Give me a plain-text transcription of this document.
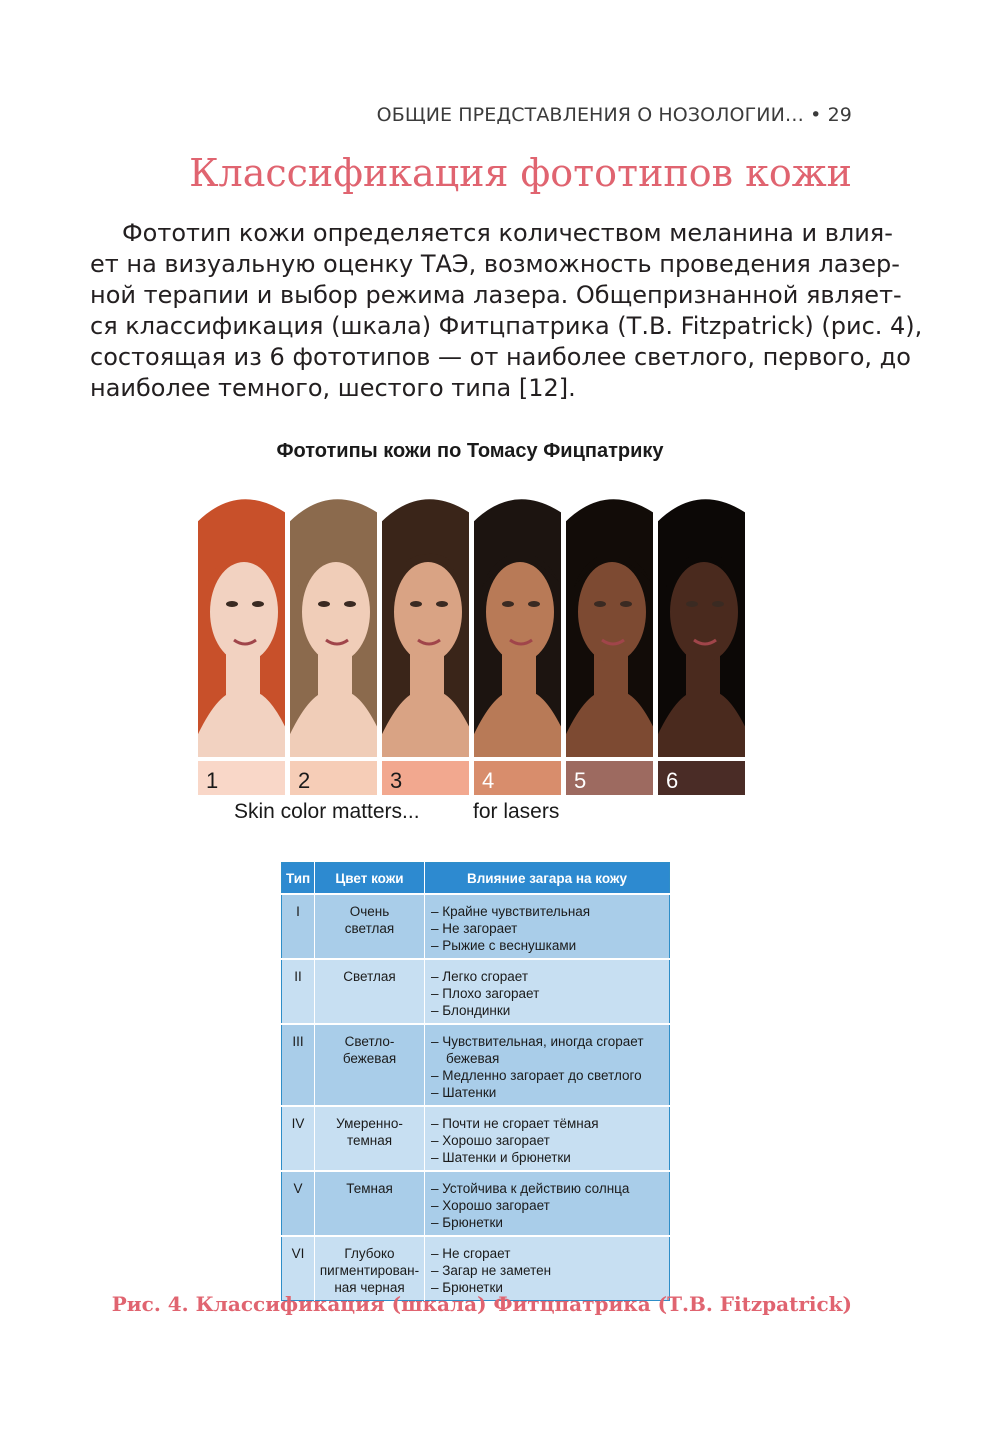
ОБЩИЕ ПРЕДСТАВЛЕНИЯ О НОЗОЛОГИИ… • 29
Классификация фототипов кожи

Фототип кожи определяется количеством меланина и влия-
ет на визуальную оценку ТАЭ, возможность проведения лазер-
ной терапии и выбор режима лазера. Общепризнанной являет-
ся классификация (шкала) Фитцпатрика (Т.В. Fitzpatrick) (рис. 4),
состоящая из 6 фототипов — от наиболее светлого, первого, до
наиболее темного, шестого типа [12].

Фототипы кожи по Томасу Фицпатрику
1	2	3	4	5	6
Skin color matters...	for lasers
Тип	Цвет кожи	Влияние загара на кожу
I	Очень
светлая	– Крайне чувствительная
– Не загорает
– Рыжие с веснушками

II	Светлая	– Легко сгорает
– Плохо загорает
– Блондинки

III	Светло-
бежевая	– Чувствительная, иногда сгорает
бежевая
– Медленно загорает до светлого
– Шатенки

IV	Умеренно-
темная	– Почти не сгорает тёмная
– Хорошо загорает
– Шатенки и брюнетки

V	Темная	– Устойчива к действию солнца
– Хорошо загорает
– Брюнетки

VI	Глубоко
пигментирован-
ная черная	– Не сгорает
– Загар не заметен
– Брюнетки

Рис. 4. Классификация (шкала) Фитцпатрика (Т.В. Fitzpatrick)
